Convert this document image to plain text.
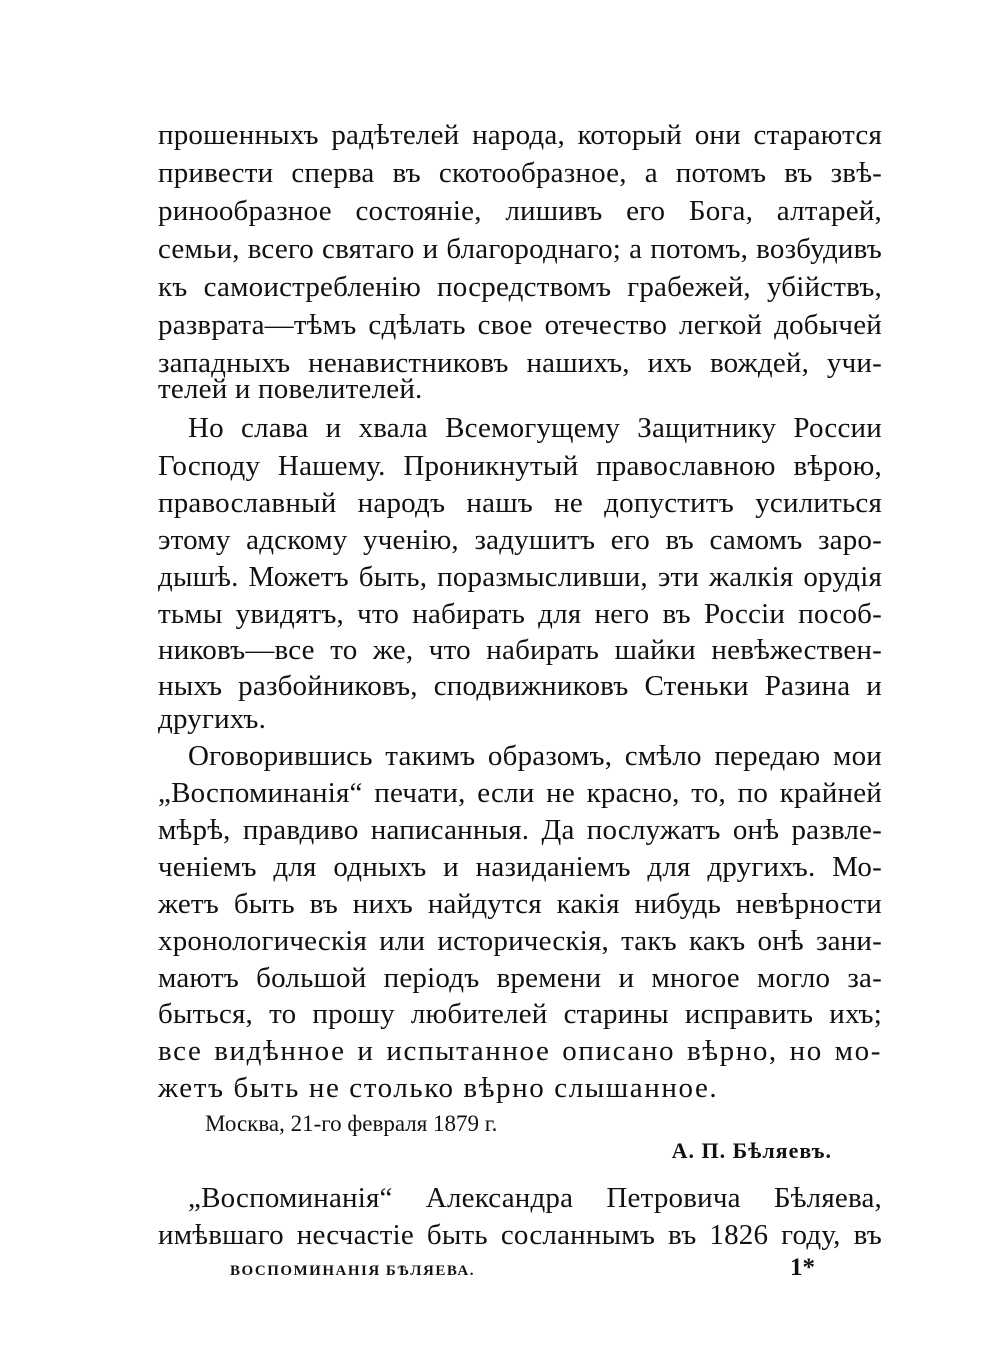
прошенныхъ радѣтелей народа, который они стараются
привести сперва въ скотообразное, а потомъ въ звѣ-
ринообразное состоянiе, лишивъ его Бога, алтарей,
семьи, всего святаго и благороднаго; а потомъ, возбудивъ
къ самоистребленiю посредствомъ грабежей, убiйствъ,
разврата—тѣмъ сдѣлать свое отечество легкой добычей
западныхъ ненавистниковъ нашихъ, ихъ вождей, учи-
телей и повелителей.
Но слава и хвала Всемогущему Защитнику России
Господу Нашему. Проникнутый православною вѣрою,
православный народъ нашъ не допуститъ усилиться
этому адскому ученiю, задушитъ его въ самомъ заро-
дышѣ. Можетъ быть, поразмысливши, эти жалкiя орудiя
тьмы увидятъ, что набирать для него въ Россiи пособ-
никовъ—все то же, что набирать шайки невѣжествен-
ныхъ разбойниковъ, сподвижниковъ Стеньки Разина и
другихъ.
Оговорившись такимъ образомъ, смѣло передаю мои
„Воспоминанiя“ печати, если не красно, то, по крайней
мѣрѣ, правдиво написанныя. Да послужатъ онѣ развле-
ченiемъ для одныхъ и назиданiемъ для другихъ. Мо-
жетъ быть въ нихъ найдутся какiя нибудь невѣрности
хронологическiя или историческiя, такъ какъ онѣ зани-
маютъ большой перiодъ времени и многое могло за-
быться, то прошу любителей старины исправить ихъ;
все видѣнное и испытанное описано вѣрно, но мо-
жетъ быть не столько вѣрно слышанное.
Москва, 21-го февраля 1879 г.
А. П. Бѣляевъ.
„Воспоминанiя“ Александра Петровича Бѣляева,
имѣвшаго несчастiе быть сосланнымъ въ 1826 году, въ
ВОСПОМИНАНIЯ БѢЛЯЕВА.	1*
